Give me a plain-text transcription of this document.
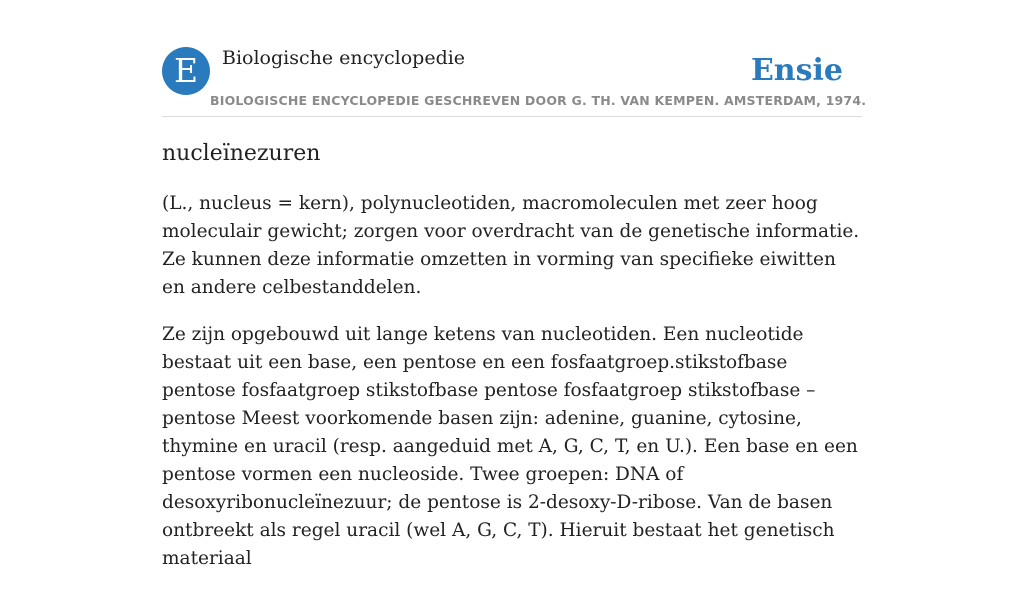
E	Biologische encyclopedie	Ensie
BIOLOGISCHE ENCYCLOPEDIE GESCHREVEN DOOR G. TH. VAN KEMPEN. AMSTERDAM, 1974.
nucleïnezuren

(L., nucleus = kern), polynucleotiden, macromoleculen met zeer hoog moleculair gewicht; zorgen voor overdracht van de genetische informatie. Ze kunnen deze informatie omzetten in vorming van specifieke eiwitten en andere celbestanddelen.

Ze zijn opgebouwd uit lange ketens van nucleotiden. Een nucleotide bestaat uit een base, een pentose en een fosfaatgroep.stikstofbase pentose fosfaatgroep stikstofbase pentose fosfaatgroep stikstofbase – pentose Meest voorkomende basen zijn: adenine, guanine, cytosine, thymine en uracil (resp. aangeduid met A, G, C, T, en U.). Een base en een pentose vormen een nucleoside. Twee groepen: DNA of desoxyribonucleïnezuur; de pentose is 2-desoxy-D-ribose. Van de basen ontbreekt als regel uracil (wel A, G, C, T). Hieruit bestaat het genetisch materiaal
